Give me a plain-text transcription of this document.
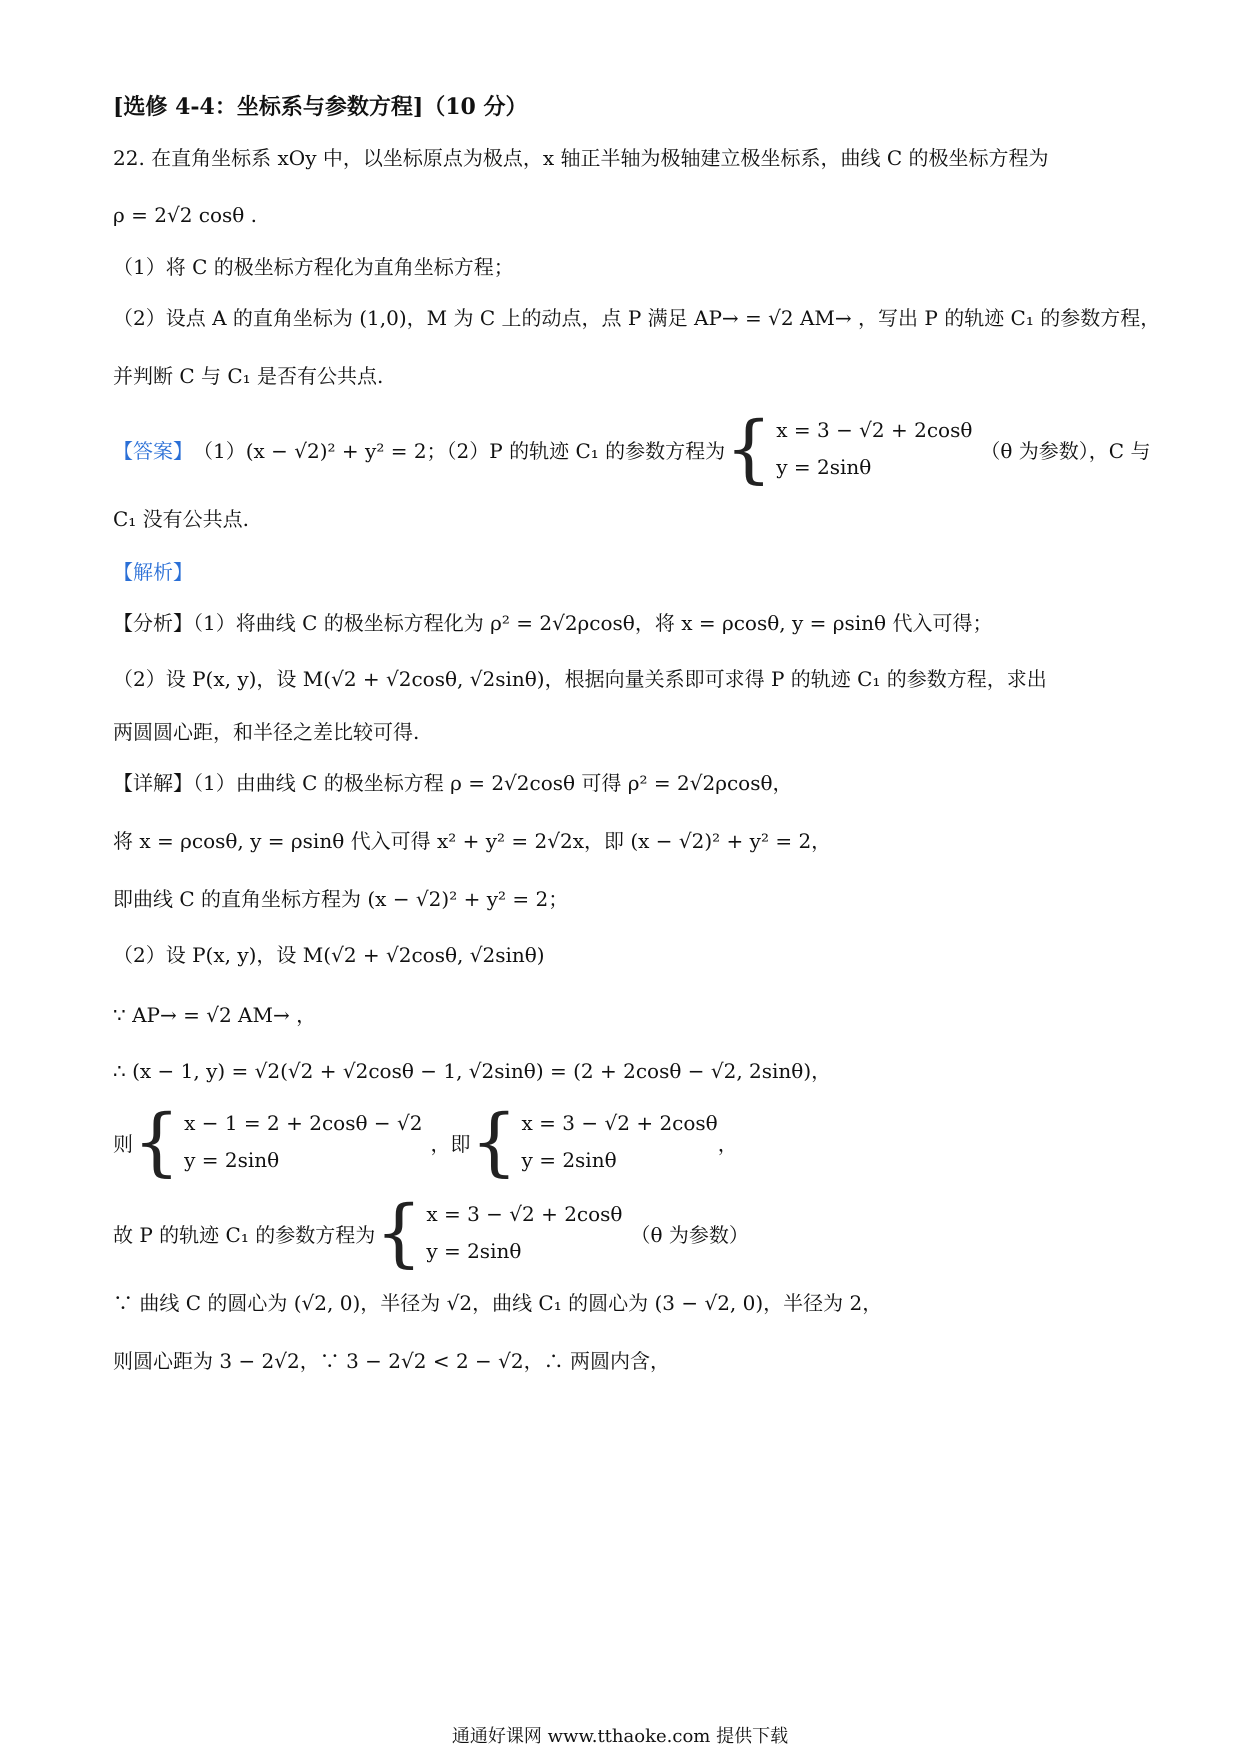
[选修 4-4：坐标系与参数方程]（10 分）
22. 在直角坐标系 xOy 中，以坐标原点为极点，x 轴正半轴为极轴建立极坐标系，曲线 C 的极坐标方程为
ρ = 2√2 cosθ .
（1）将 C 的极坐标方程化为直角坐标方程；
（2）设点 A 的直角坐标为 (1,0)，M 为 C 上的动点，点 P 满足 AP→ = √2 AM→ ，写出 P 的轨迹 C₁ 的参数方程，
并判断 C 与 C₁ 是否有公共点.
【答案】 （1）(x − √2)² + y² = 2；（2）P 的轨迹 C₁ 的参数方程为 { x = 3 − √2 + 2cosθ
y = 2sinθ
（θ 为参数），C 与
C₁ 没有公共点.
【解析】
【分析】（1）将曲线 C 的极坐标方程化为 ρ² = 2√2ρcosθ，将 x = ρcosθ, y = ρsinθ 代入可得；
（2）设 P(x, y)，设 M(√2 + √2cosθ, √2sinθ)，根据向量关系即可求得 P 的轨迹 C₁ 的参数方程，求出
两圆圆心距，和半径之差比较可得.
【详解】（1）由曲线 C 的极坐标方程 ρ = 2√2cosθ 可得 ρ² = 2√2ρcosθ，
将 x = ρcosθ, y = ρsinθ 代入可得 x² + y² = 2√2x，即 (x − √2)² + y² = 2，
即曲线 C 的直角坐标方程为 (x − √2)² + y² = 2；
（2）设 P(x, y)，设 M(√2 + √2cosθ, √2sinθ)
∵ AP→ = √2 AM→ ，
∴ (x − 1, y) = √2(√2 + √2cosθ − 1, √2sinθ) = (2 + 2cosθ − √2, 2sinθ)，
则 { x − 1 = 2 + 2cosθ − √2
y = 2sinθ
，即 { x = 3 − √2 + 2cosθ
y = 2sinθ
，
故 P 的轨迹 C₁ 的参数方程为 { x = 3 − √2 + 2cosθ
y = 2sinθ
（θ 为参数）
∵ 曲线 C 的圆心为 (√2, 0)，半径为 √2，曲线 C₁ 的圆心为 (3 − √2, 0)，半径为 2，
则圆心距为 3 − 2√2，∵ 3 − 2√2 < 2 − √2，∴ 两圆内含，
通通好课网 www.tthaoke.com 提供下载
